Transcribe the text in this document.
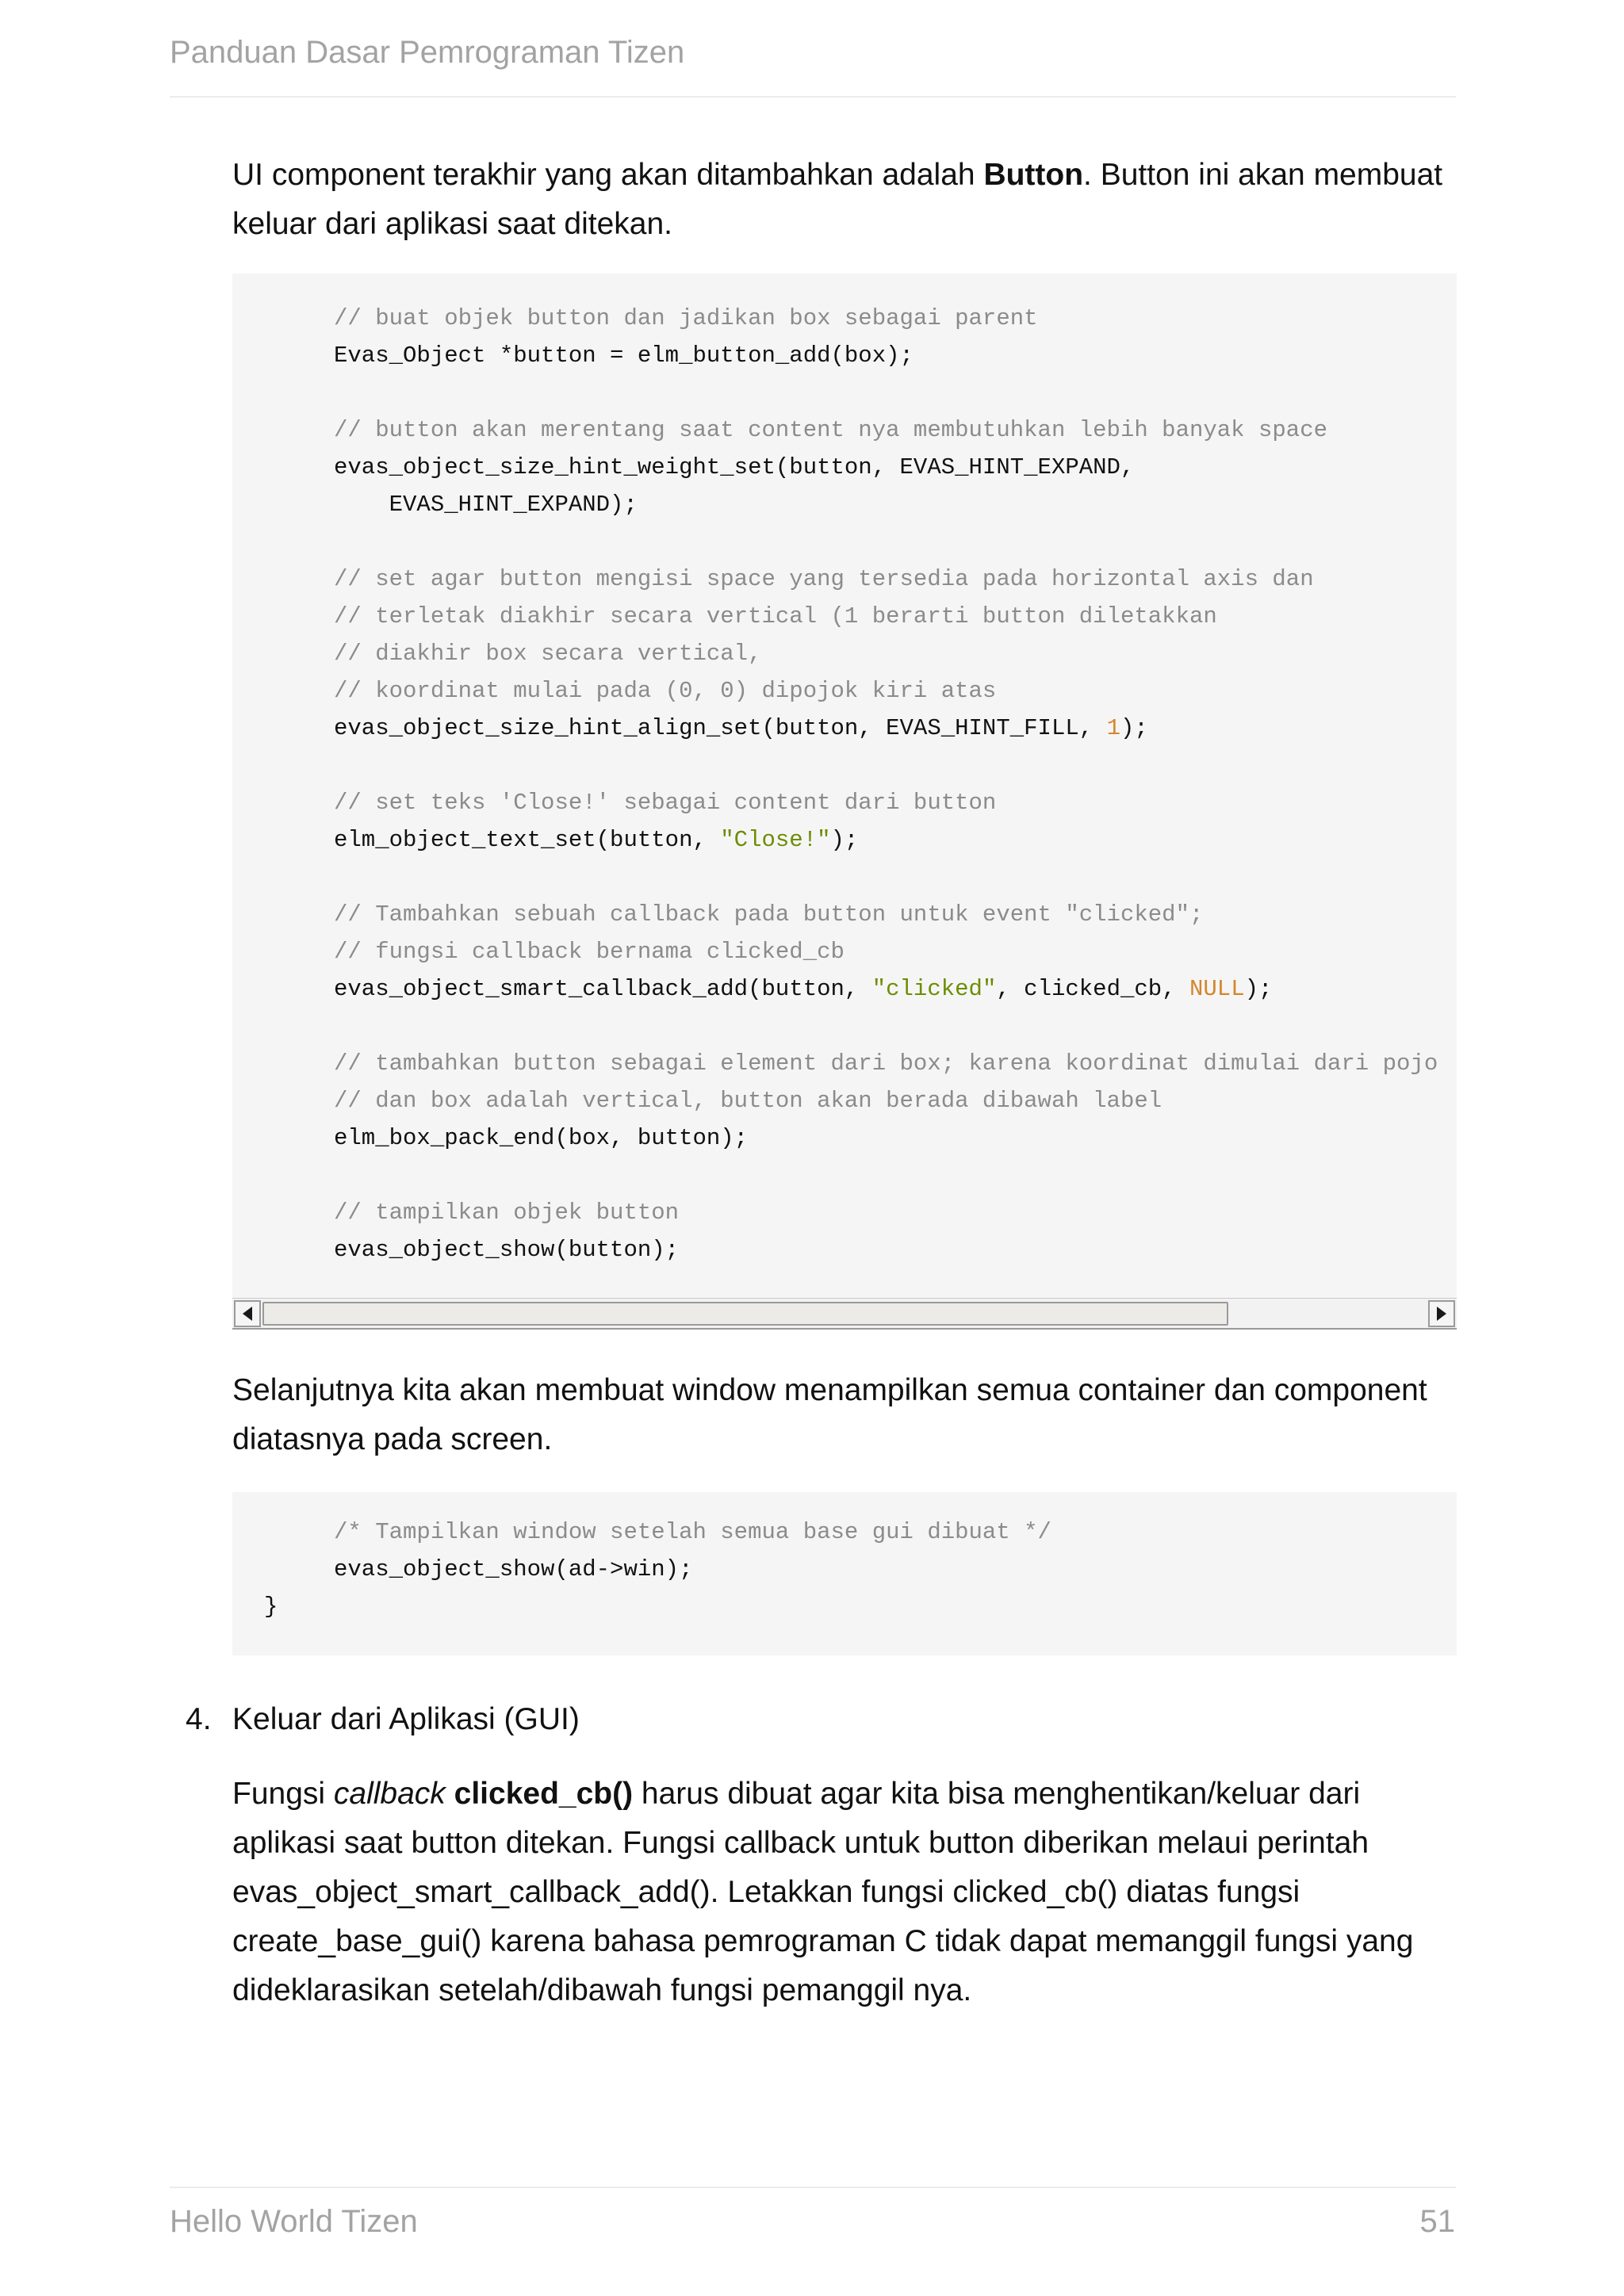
Panduan Dasar Pemrograman Tizen

UI component terakhir yang akan ditambahkan adalah Button. Button ini akan membuat keluar dari aplikasi saat ditekan.

// buat objek button dan jadikan box sebagai parent
Evas_Object *button = elm_button_add(box);
// button akan merentang saat content nya membutuhkan lebih banyak space
evas_object_size_hint_weight_set(button, EVAS_HINT_EXPAND,
EVAS_HINT_EXPAND);
// set agar button mengisi space yang tersedia pada horizontal axis dan
// terletak diakhir secara vertical (1 berarti button diletakkan
// diakhir box secara vertical,
// koordinat mulai pada (0, 0) dipojok kiri atas
evas_object_size_hint_align_set(button, EVAS_HINT_FILL, 1);
// set teks 'Close!' sebagai content dari button
elm_object_text_set(button, "Close!");
// Tambahkan sebuah callback pada button untuk event "clicked";
// fungsi callback bernama clicked_cb
evas_object_smart_callback_add(button, "clicked", clicked_cb, NULL);
// tambahkan button sebagai element dari box; karena koordinat dimulai dari pojo
// dan box adalah vertical, button akan berada dibawah label
elm_box_pack_end(box, button);
// tampilkan objek button
evas_object_show(button);

Selanjutnya kita akan membuat window menampilkan semua container dan component diatasnya pada screen.

/* Tampilkan window setelah semua base gui dibuat */
evas_object_show(ad->win);
}
4. Keluar dari Aplikasi (GUI)

Fungsi callback clicked_cb() harus dibuat agar kita bisa menghentikan/keluar dari aplikasi saat button ditekan. Fungsi callback untuk button diberikan melaui perintah evas_object_smart_callback_add(). Letakkan fungsi clicked_cb() diatas fungsi create_base_gui() karena bahasa pemrograman C tidak dapat memanggil fungsi yang dideklarasikan setelah/dibawah fungsi pemanggil nya.

Hello World Tizen	51
